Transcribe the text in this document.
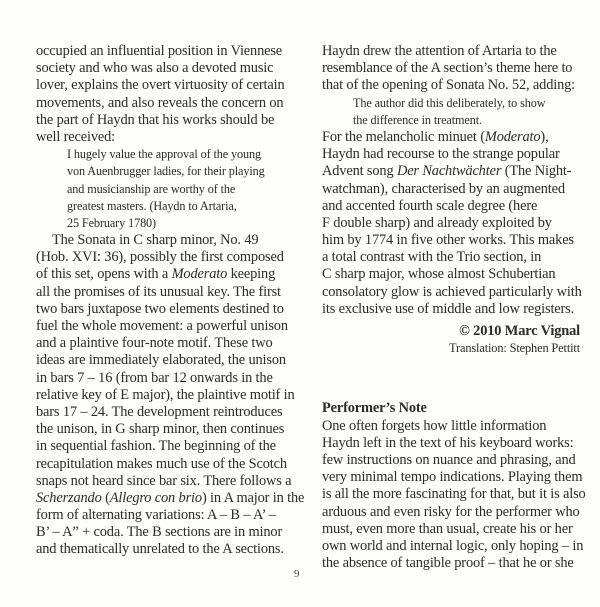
occupied an influential position in Viennese
society and who was also a devoted music
lover, explains the overt virtuosity of certain
movements, and also reveals the concern on
the part of Haydn that his works should be
well received:
I hugely value the approval of the young
von Auenbrugger ladies, for their playing
and musicianship are worthy of the
greatest masters. (Haydn to Artaria,
25 February 1780)
The Sonata in C sharp minor, No. 49
(Hob. XVI: 36), possibly the first composed
of this set, opens with a Moderato keeping
all the promises of its unusual key. The first
two bars juxtapose two elements destined to
fuel the whole movement: a powerful unison
and a plaintive four-note motif. These two
ideas are immediately elaborated, the unison
in bars 7 – 16 (from bar 12 onwards in the
relative key of E major), the plaintive motif in
bars 17 – 24. The development reintroduces
the unison, in G sharp minor, then continues
in sequential fashion. The beginning of the
recapitulation makes much use of the Scotch
snaps not heard since bar six. There follows a
Scherzando (Allegro con brio) in A major in the
form of alternating variations: A – B – A’ –
B’ – A” + coda. The B sections are in minor
and thematically unrelated to the A sections.
Haydn drew the attention of Artaria to the
resemblance of the A section’s theme here to
that of the opening of Sonata No. 52, adding:
The author did this deliberately, to show
the difference in treatment.
For the melancholic minuet (Moderato),
Haydn had recourse to the strange popular
Advent song Der Nachtwächter (The Night-
watchman), characterised by an augmented
and accented fourth scale degree (here
F double sharp) and already exploited by
him by 1774 in five other works. This makes
a total contrast with the Trio section, in
C sharp major, whose almost Schubertian
consolatory glow is achieved particularly with
its exclusive use of middle and low registers.
© 2010 Marc Vignal
Translation: Stephen Pettitt
Performer’s Note
One often forgets how little information
Haydn left in the text of his keyboard works:
few instructions on nuance and phrasing, and
very minimal tempo indications. Playing them
is all the more fascinating for that, but it is also
arduous and even risky for the performer who
must, even more than usual, create his or her
own world and internal logic, only hoping – in
the absence of tangible proof – that he or she
9
